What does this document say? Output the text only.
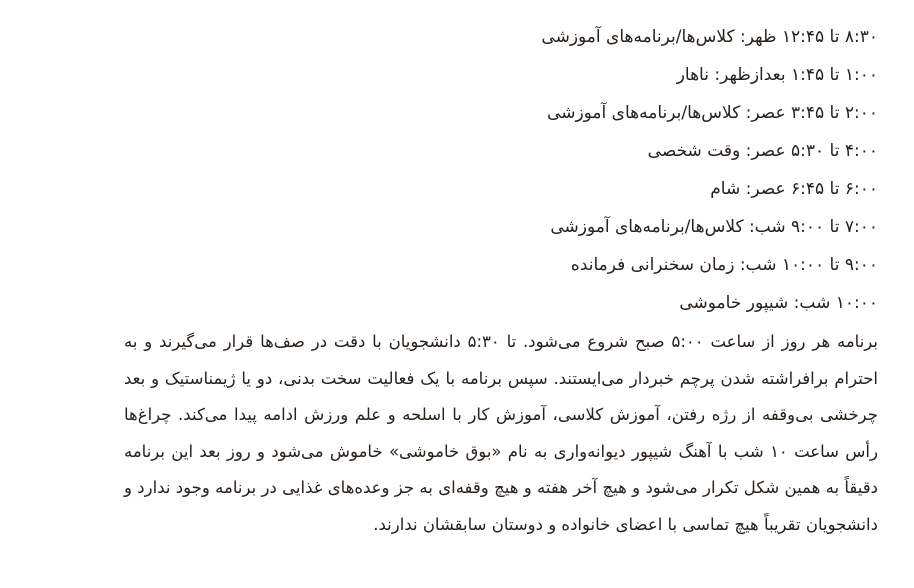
۸:۳۰ تا ۱۲:۴۵ ظهر: کلاس‌ها/برنامه‌های آموزشی
۱:۰۰ تا ۱:۴۵ بعدازظهر: ناهار
۲:۰۰ تا ۳:۴۵ عصر: کلاس‌ها/برنامه‌های آموزشی
۴:۰۰ تا ۵:۳۰ عصر: وقت شخصی
۶:۰۰ تا ۶:۴۵ عصر: شام
۷:۰۰ تا ۹:۰۰ شب: کلاس‌ها/برنامه‌های آموزشی
۹:۰۰ تا ۱۰:۰۰ شب: زمان سخنرانی فرمانده
۱۰:۰۰ شب: شیپور خاموشی

برنامه هر روز از ساعت ۵:۰۰ صبح شروع می‌شود. تا ۵:۳۰ دانشجویان با دقت در صف‌ها قرار می‌گیرند و به احترام برافراشته شدن پرچم خبردار می‌ایستند. سپس برنامه با یک فعالیت سخت بدنی، دو یا ژیمناستیک و بعد چرخشی بی‌وقفه از رژه رفتن، آموزش کلاسی، آموزش کار با اسلحه و علم ورزش ادامه پیدا می‌کند. چراغ‌ها رأس ساعت ۱۰ شب با آهنگ شیپور دیوانه‌واری به نام «بوق خاموشی» خاموش می‌شود و روز بعد این برنامه دقیقاً به همین شکل تکرار می‌شود و هیچ آخر هفته و هیچ وقفه‌ای به جز وعده‌های غذایی در برنامه وجود ندارد و دانشجویان تقریباً هیچ تماسی با اعضای خانواده و دوستان سابقشان ندارند.
